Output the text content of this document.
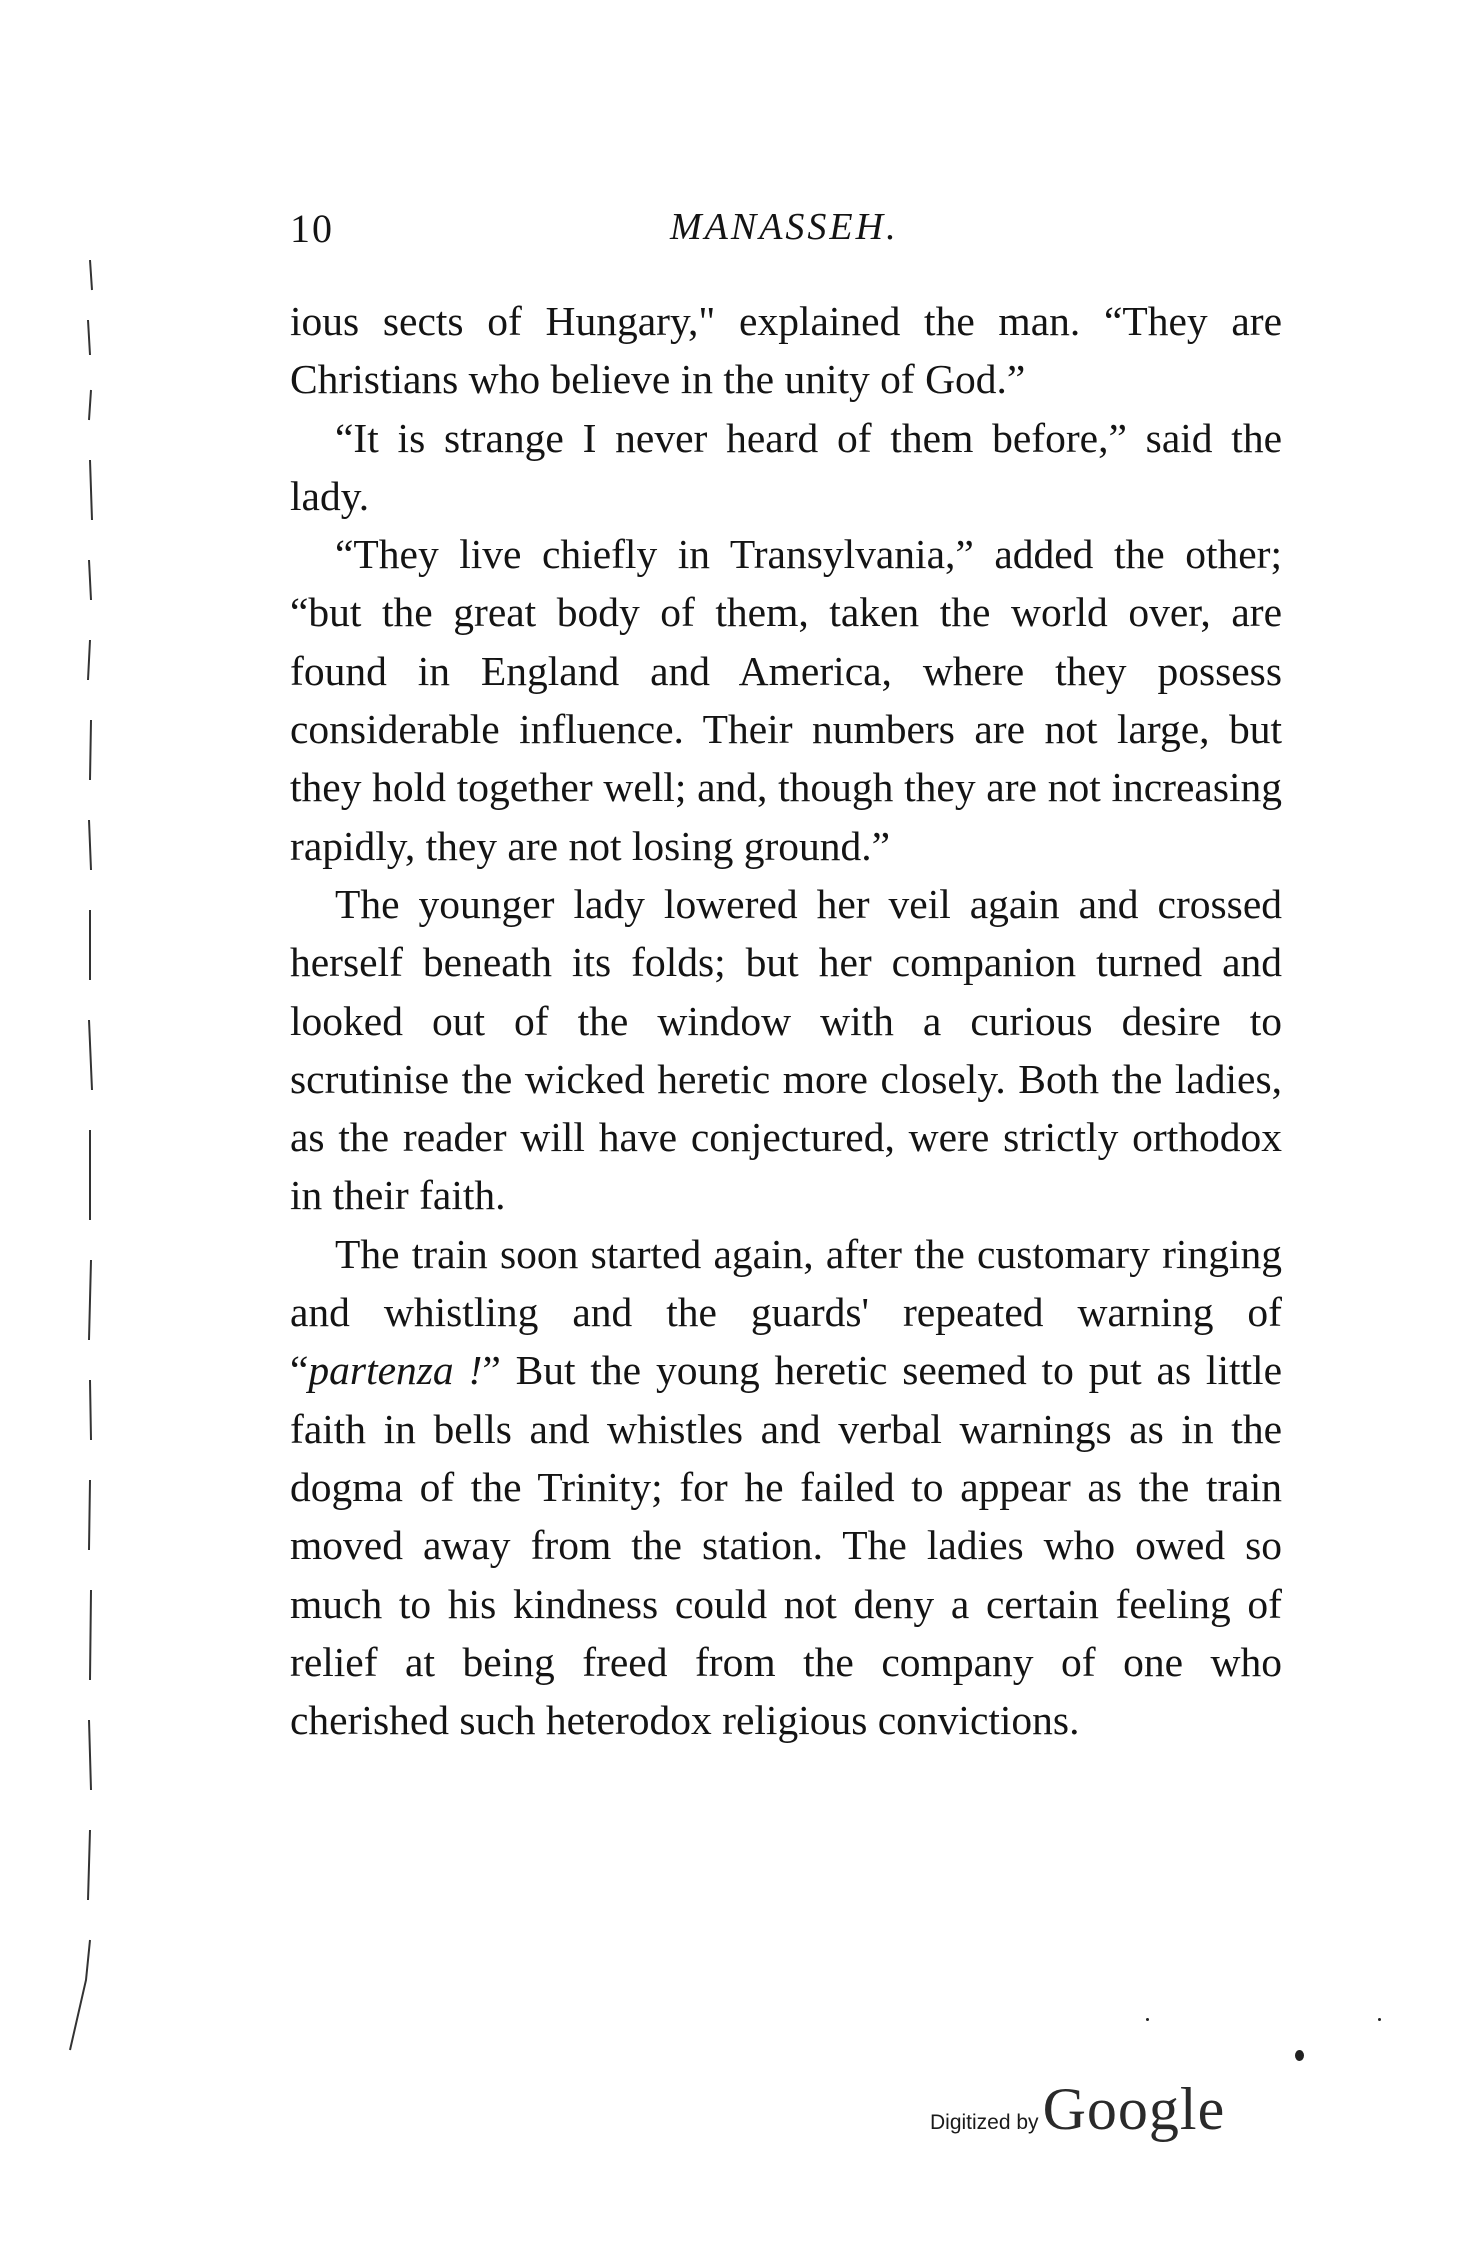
10	MANASSEH.

ious sects of Hungary," explained the man. “They are Christians who believe in the unity of God.”

“It is strange I never heard of them before,” said the lady.

“They live chiefly in Transylvania,” added the other; “but the great body of them, taken the world over, are found in England and America, where they possess considerable influence. Their numbers are not large, but they hold together well; and, though they are not increasing rapidly, they are not losing ground.”

The younger lady lowered her veil again and crossed herself beneath its folds; but her companion turned and looked out of the window with a curious desire to scrutinise the wicked heretic more closely. Both the ladies, as the reader will have conjectured, were strictly orthodox in their faith.

The train soon started again, after the customary ringing and whistling and the guards' repeated warning of “partenza !” But the young heretic seemed to put as little faith in bells and whistles and verbal warnings as in the dogma of the Trinity; for he failed to appear as the train moved away from the station. The ladies who owed so much to his kindness could not deny a certain feeling of relief at being freed from the company of one who cherished such heterodox religious convictions.

Digitized by Google
